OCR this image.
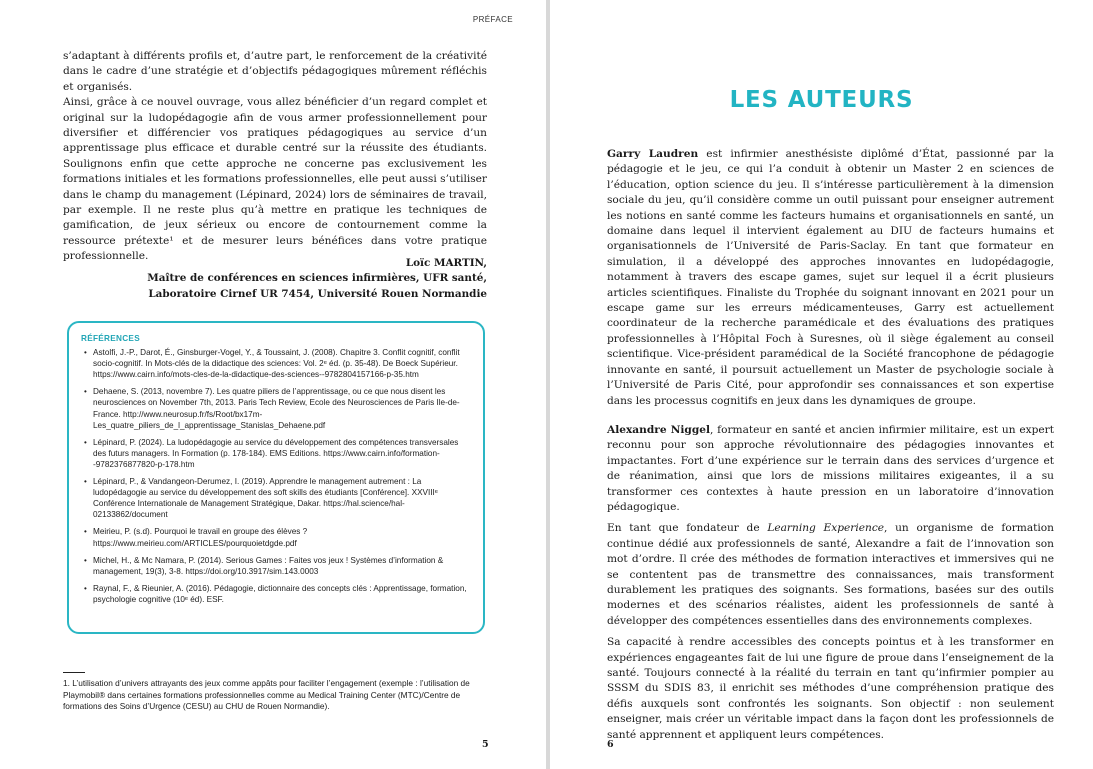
PRÉFACE

s’adaptant à différents profils et, d’autre part, le renforcement de la créativité dans le cadre d’une stratégie et d’objectifs pédagogiques mûrement réfléchis et organisés.

Ainsi, grâce à ce nouvel ouvrage, vous allez bénéficier d’un regard complet et original sur la ludopédagogie afin de vous armer professionnellement pour diversifier et différencier vos pratiques pédagogiques au service d’un apprentissage plus efficace et durable centré sur la réussite des étudiants. Soulignons enfin que cette approche ne concerne pas exclusivement les formations initiales et les formations professionnelles, elle peut aussi s’utiliser dans le champ du management (Lépinard, 2024) lors de séminaires de travail, par exemple. Il ne reste plus qu’à mettre en pratique les techniques de gamification, de jeux sérieux ou encore de contournement comme la ressource prétexte¹ et de mesurer leurs bénéfices dans votre pratique professionnelle.

Loïc MARTIN,
Maître de conférences en sciences infirmières, UFR santé,
Laboratoire Cirnef UR 7454, Université Rouen Normandie
RÉFÉRENCES
• Astolfi, J.-P., Darot, É., Ginsburger-Vogel, Y., & Toussaint, J. (2008). Chapitre 3. Conflit cognitif, conflit socio-cognitif. In Mots-clés de la didactique des sciences: Vol. 2ᵉ éd. (p. 35-48). De Boeck Supérieur. https://www.cairn.info/mots-cles-de-la-didactique-des-sciences--9782804157166-p-35.htm
• Dehaene, S. (2013, novembre 7). Les quatre piliers de l’apprentissage, ou ce que nous disent les neurosciences on November 7th, 2013. Paris Tech Review, Ecole des Neurosciences de Paris Ile-de-France. http://www.neurosup.fr/fs/Root/bx17m-Les_quatre_piliers_de_l_apprentissage_Stanislas_Dehaene.pdf
• Lépinard, P. (2024). La ludopédagogie au service du développement des compétences transversales des futurs managers. In Formation (p. 178-184). EMS Editions. https://www.cairn.info/formation--9782376877820-p-178.htm
• Lépinard, P., & Vandangeon-Derumez, I. (2019). Apprendre le management autrement : La ludopédagogie au service du développement des soft skills des étudiants [Conférence]. XXVIIIᵉ Conférence Internationale de Management Stratégique, Dakar. https://hal.science/hal-02133862/document
• Meirieu, P. (s.d). Pourquoi le travail en groupe des élèves ? https://www.meirieu.com/ARTICLES/pourquoietdgde.pdf
• Michel, H., & Mc Namara, P. (2014). Serious Games : Faites vos jeux ! Systèmes d’information & management, 19(3), 3-8. https://doi.org/10.3917/sim.143.0003
• Raynal, F., & Rieunier, A. (2016). Pédagogie, dictionnaire des concepts clés : Apprentissage, formation, psychologie cognitive (10ᵉ éd). ESF.
1. L’utilisation d’univers attrayants des jeux comme appâts pour faciliter l’engagement (exemple : l’utilisation de Playmobil® dans certaines formations professionnelles comme au Medical Training Center (MTC)/Centre de formations des Soins d’Urgence (CESU) au CHU de Rouen Normandie).
5
LES AUTEURS

Garry Laudren est infirmier anesthésiste diplômé d’État, passionné par la pédagogie et le jeu, ce qui l’a conduit à obtenir un Master 2 en sciences de l’éducation, option science du jeu. Il s’intéresse particulièrement à la dimension sociale du jeu, qu’il considère comme un outil puissant pour enseigner autrement les notions en santé comme les facteurs humains et organisationnels en santé, un domaine dans lequel il intervient également au DIU de facteurs humains et organisationnels de l’Université de Paris-Saclay. En tant que formateur en simulation, il a développé des approches innovantes en ludopédagogie, notamment à travers des escape games, sujet sur lequel il a écrit plusieurs articles scientifiques. Finaliste du Trophée du soignant innovant en 2021 pour un escape game sur les erreurs médicamenteuses, Garry est actuellement coordinateur de la recherche paramédicale et des évaluations des pratiques professionnelles à l’Hôpital Foch à Suresnes, où il siège également au conseil scientifique. Vice-président paramédical de la Société francophone de pédagogie innovante en santé, il poursuit actuellement un Master de psychologie sociale à l’Université de Paris Cité, pour approfondir ses connaissances et son expertise dans les processus cognitifs en jeux dans les dynamiques de groupe.

Alexandre Niggel, formateur en santé et ancien infirmier militaire, est un expert reconnu pour son approche révolutionnaire des pédagogies innovantes et impactantes. Fort d’une expérience sur le terrain dans des services d’urgence et de réanimation, ainsi que lors de missions militaires exigeantes, il a su transformer ces contextes à haute pression en un laboratoire d’innovation pédagogique.

En tant que fondateur de Learning Experience, un organisme de formation continue dédié aux professionnels de santé, Alexandre a fait de l’innovation son mot d’ordre. Il crée des méthodes de formation interactives et immersives qui ne se contentent pas de transmettre des connaissances, mais transforment durablement les pratiques des soignants. Ses formations, basées sur des outils modernes et des scénarios réalistes, aident les professionnels de santé à développer des compétences essentielles dans des environnements complexes.

Sa capacité à rendre accessibles des concepts pointus et à les transformer en expériences engageantes fait de lui une figure de proue dans l’enseignement de la santé. Toujours connecté à la réalité du terrain en tant qu’infirmier pompier au SSSM du SDIS 83, il enrichit ses méthodes d’une compréhension pratique des défis auxquels sont confrontés les soignants. Son objectif : non seulement enseigner, mais créer un véritable impact dans la façon dont les professionnels de santé apprennent et appliquent leurs compétences.

6
